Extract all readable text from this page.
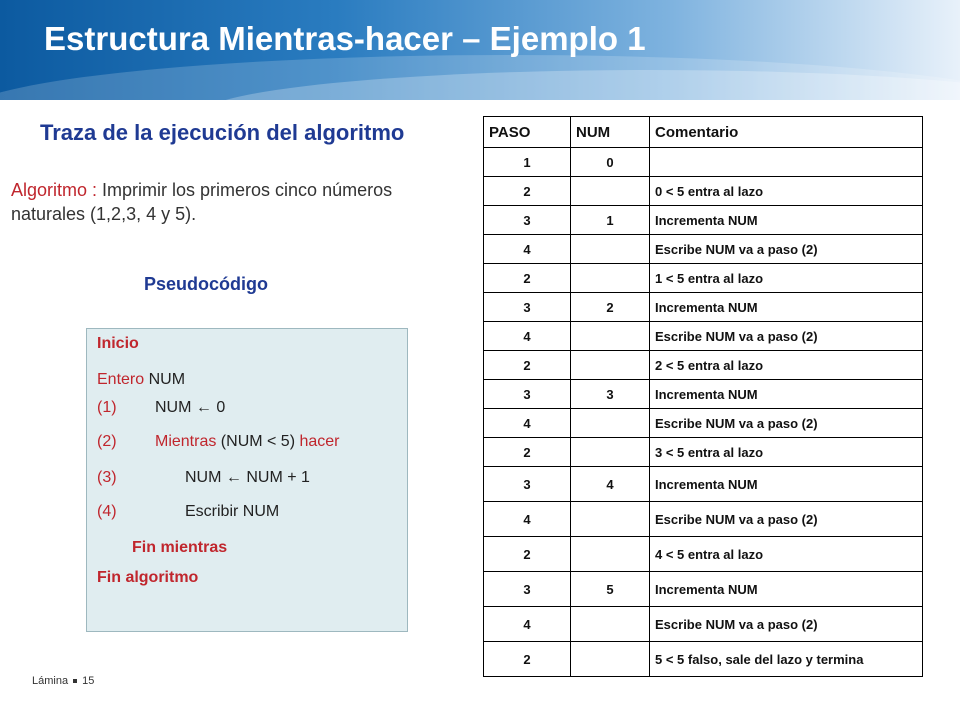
Estructura Mientras-hacer – Ejemplo 1
Traza de la ejecución del algoritmo
Algoritmo : Imprimir los primeros cinco números naturales (1,2,3, 4 y 5).
Pseudocódigo
Inicio
Entero NUM
(1) NUM ← 0
(2) Mientras (NUM < 5) hacer
(3)	NUM ← NUM + 1
(4)	Escribir NUM
Fin mientras
Fin algoritmo
PASO	NUM	Comentario
1	0	
2		0 < 5 entra al lazo
3	1	Incrementa NUM
4		Escribe NUM va a paso (2)
2		1 < 5 entra al lazo
3	2	Incrementa NUM
4		Escribe NUM va a paso (2)
2		2 < 5 entra al lazo
3	3	Incrementa NUM
4		Escribe NUM va a paso (2)
2		3 < 5 entra al lazo
3	4	Incrementa NUM
4		Escribe NUM va a paso (2)
2		4 < 5 entra al lazo
3	5	Incrementa NUM
4		Escribe NUM va a paso (2)
2		5 < 5 falso, sale del lazo y termina
Lámina 15
